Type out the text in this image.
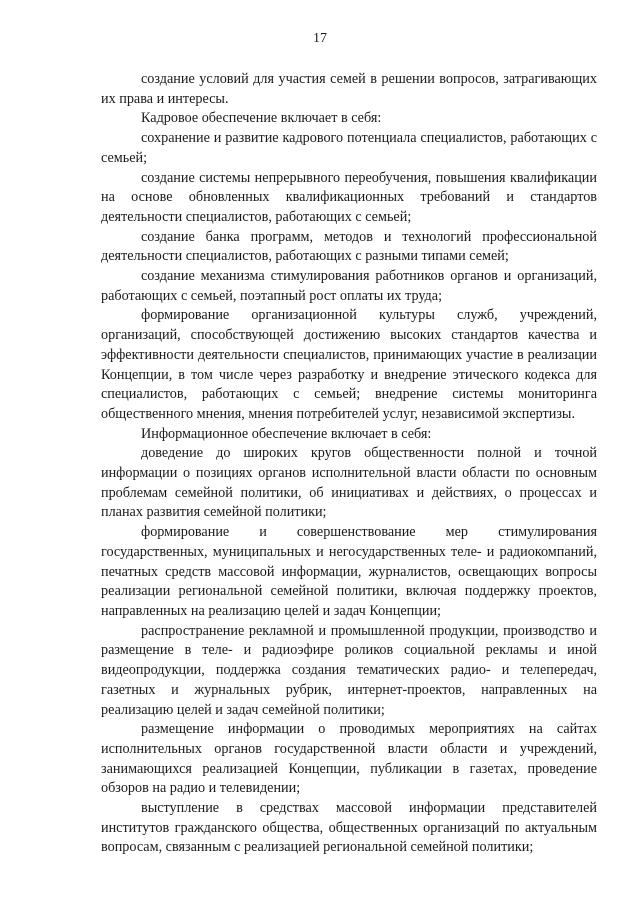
17

создание условий для участия семей в решении вопросов, затрагивающих их права и интересы.

Кадровое обеспечение включает в себя:

сохранение и развитие кадрового потенциала специалистов, работающих с семьей;

создание системы непрерывного переобучения, повышения квалификации на основе обновленных квалификационных требований и стандартов деятельности специалистов, работающих с семьей;

создание банка программ, методов и технологий профессиональной деятельности специалистов, работающих с разными типами семей;

создание механизма стимулирования работников органов и организаций, работающих с семьей, поэтапный рост оплаты их труда;

формирование организационной культуры служб, учреждений, организаций, способствующей достижению высоких стандартов качества и эффективности деятельности специалистов, принимающих участие в реализации Концепции, в том числе через разработку и внедрение этического кодекса для специалистов, работающих с семьей; внедрение системы мониторинга общественного мнения, мнения потребителей услуг, независимой экспертизы.

Информационное обеспечение включает в себя:

доведение до широких кругов общественности полной и точной информации о позициях органов исполнительной власти области по основным проблемам семейной политики, об инициативах и действиях, о процессах и планах развития семейной политики;

формирование и совершенствование мер стимулирования государственных, муниципальных и негосударственных теле- и радиокомпаний, печатных средств массовой информации, журналистов, освещающих вопросы реализации региональной семейной политики, включая поддержку проектов, направленных на реализацию целей и задач Концепции;

распространение рекламной и промышленной продукции, производство и размещение в теле- и радиоэфире роликов социальной рекламы и иной видеопродукции, поддержка создания тематических радио- и телепередач, газетных и журнальных рубрик, интернет-проектов, направленных на реализацию целей и задач семейной политики;

размещение информации о проводимых мероприятиях на сайтах исполнительных органов государственной власти области и учреждений, занимающихся реализацией Концепции, публикации в газетах, проведение обзоров на радио и телевидении;

выступление в средствах массовой информации представителей институтов гражданского общества, общественных организаций по актуальным вопросам, связанным с реализацией региональной семейной политики;
